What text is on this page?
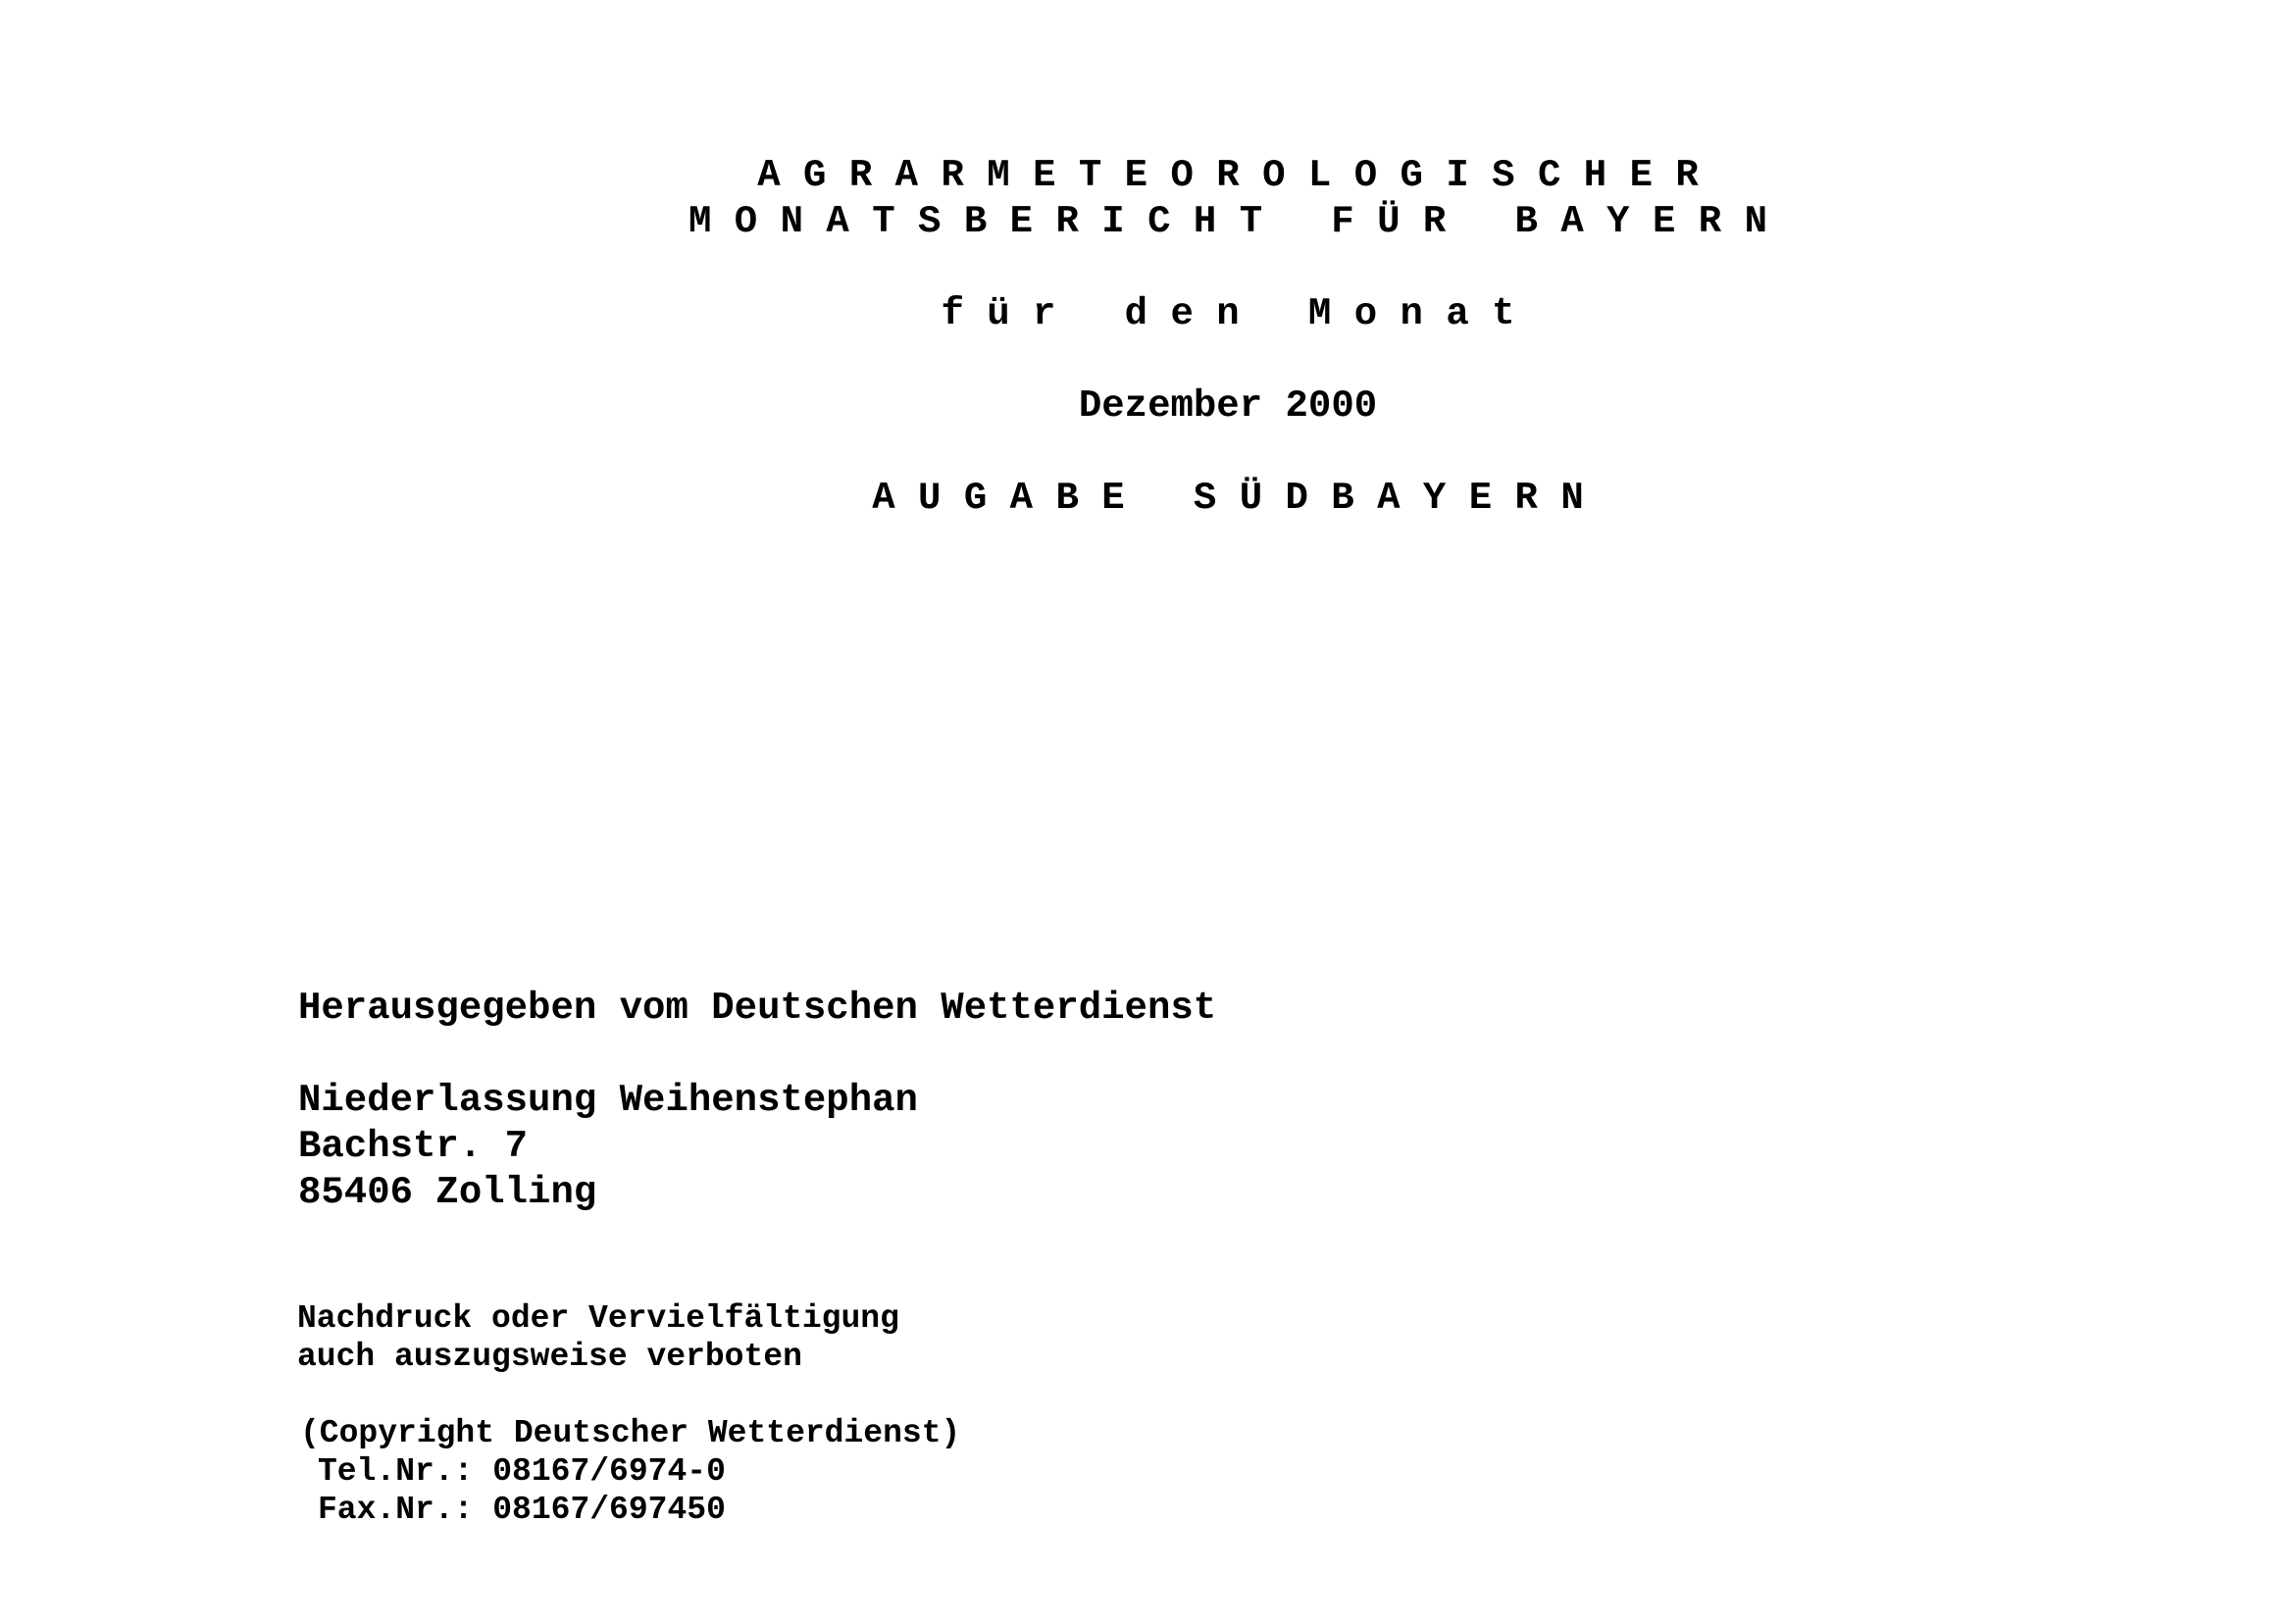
A G R A R M E T E O R O L O G I S C H E R
M O N A T S B E R I C H T   F Ü R   B A Y E R N
f ü r   d e n   M o n a t
Dezember 2000
A U G A B E   S Ü D B A Y E R N
Herausgegeben vom Deutschen Wetterdienst
Niederlassung Weihenstephan
Bachstr. 7
85406 Zolling
Nachdruck oder Vervielfältigung
auch auszugsweise verboten
(Copyright Deutscher Wetterdienst)
Tel.Nr.: 08167/6974-0
Fax.Nr.: 08167/697450
